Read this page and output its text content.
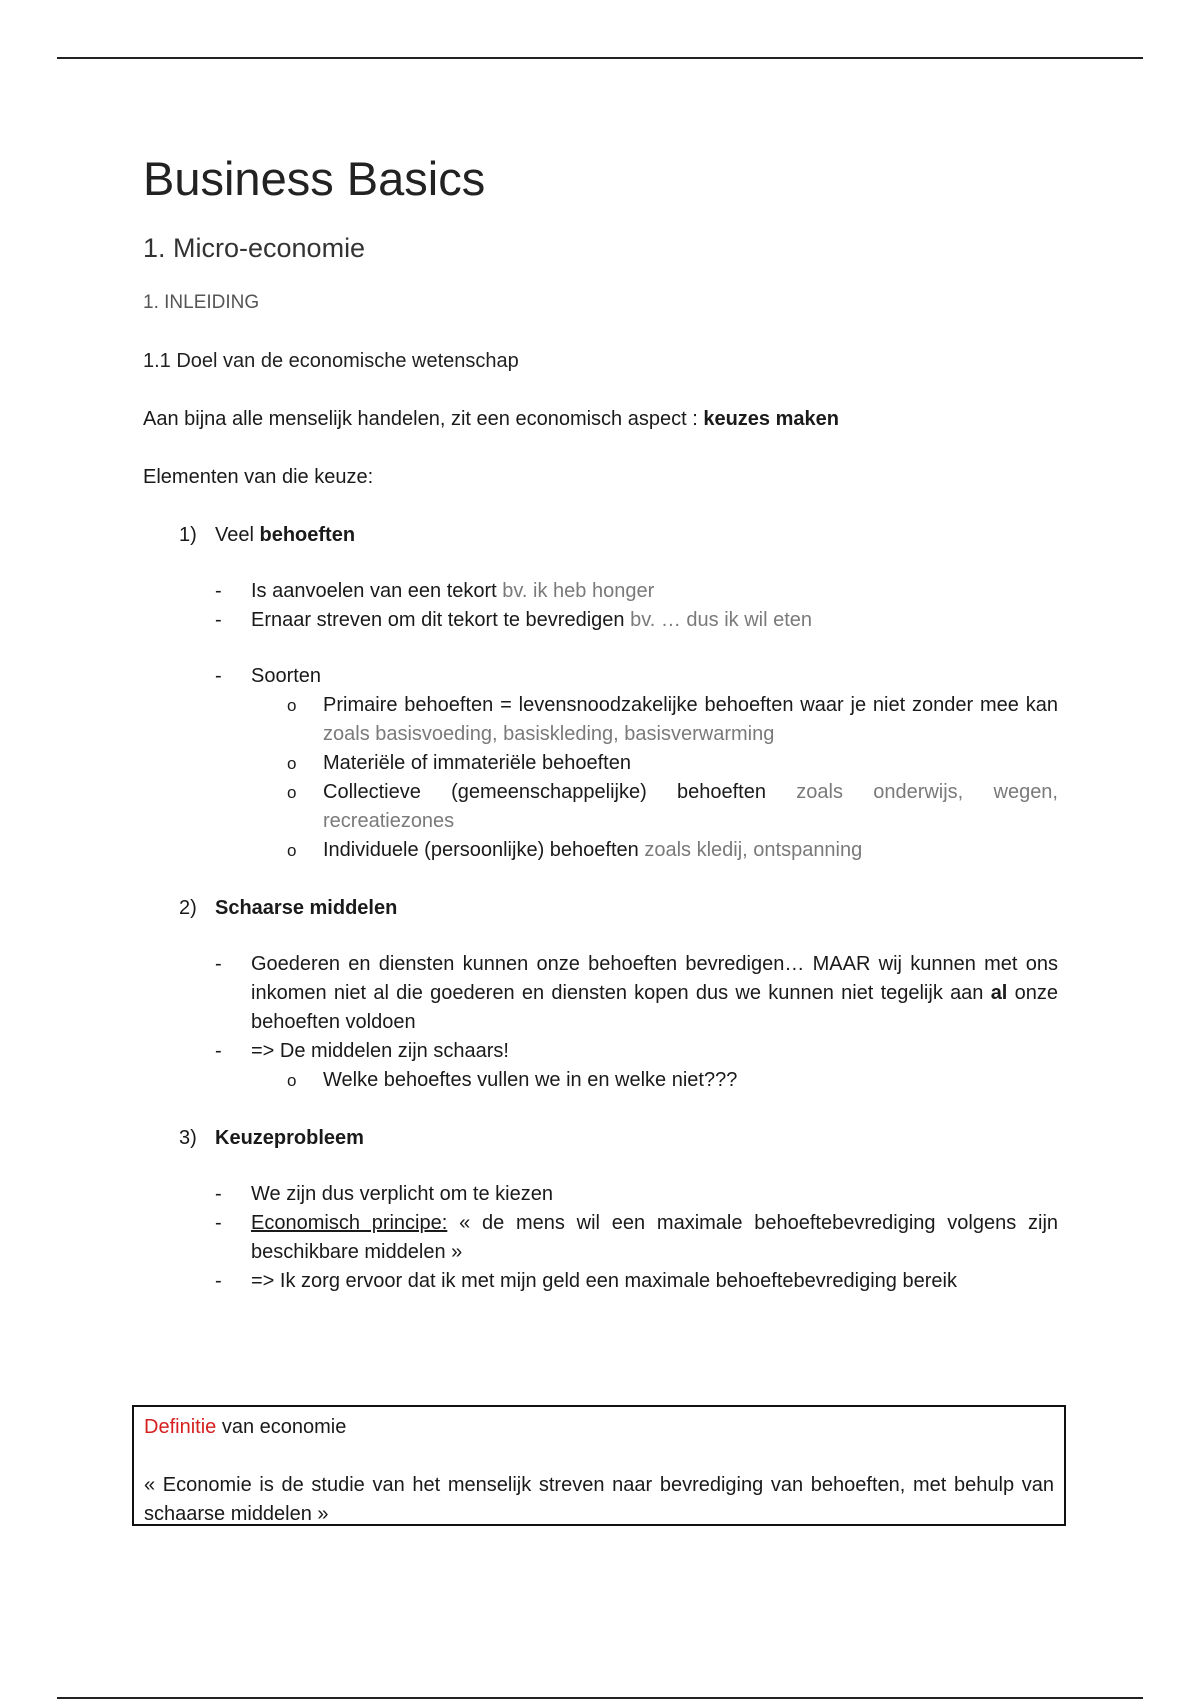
Business Basics
1. Micro-economie
1. INLEIDING
1.1 Doel van de economische wetenschap

Aan bijna alle menselijk handelen, zit een economisch aspect : keuzes maken

Elementen van die keuze:

1) Veel behoeften
- Is aanvoelen van een tekort bv. ik heb honger
- Ernaar streven om dit tekort te bevredigen bv. … dus ik wil eten
- Soorten
o Primaire behoeften = levensnoodzakelijke behoeften waar je niet zonder mee kan zoals basisvoeding, basiskleding, basisverwarming
o Materiële of immateriële behoeften
o Collectieve (gemeenschappelijke) behoeften zoals onderwijs, wegen, recreatiezones
o Individuele (persoonlijke) behoeften zoals kledij, ontspanning
2) Schaarse middelen
- Goederen en diensten kunnen onze behoeften bevredigen… MAAR wij kunnen met ons inkomen niet al die goederen en diensten kopen dus we kunnen niet tegelijk aan al onze behoeften voldoen
- => De middelen zijn schaars!
o Welke behoeftes vullen we in en welke niet???
3) Keuzeprobleem
- We zijn dus verplicht om te kiezen
- Economisch principe: « de mens wil een maximale behoeftebevrediging volgens zijn beschikbare middelen »
- => Ik zorg ervoor dat ik met mijn geld een maximale behoeftebevrediging bereik

Definitie van economie

« Economie is de studie van het menselijk streven naar bevrediging van behoeften, met behulp van schaarse middelen »
